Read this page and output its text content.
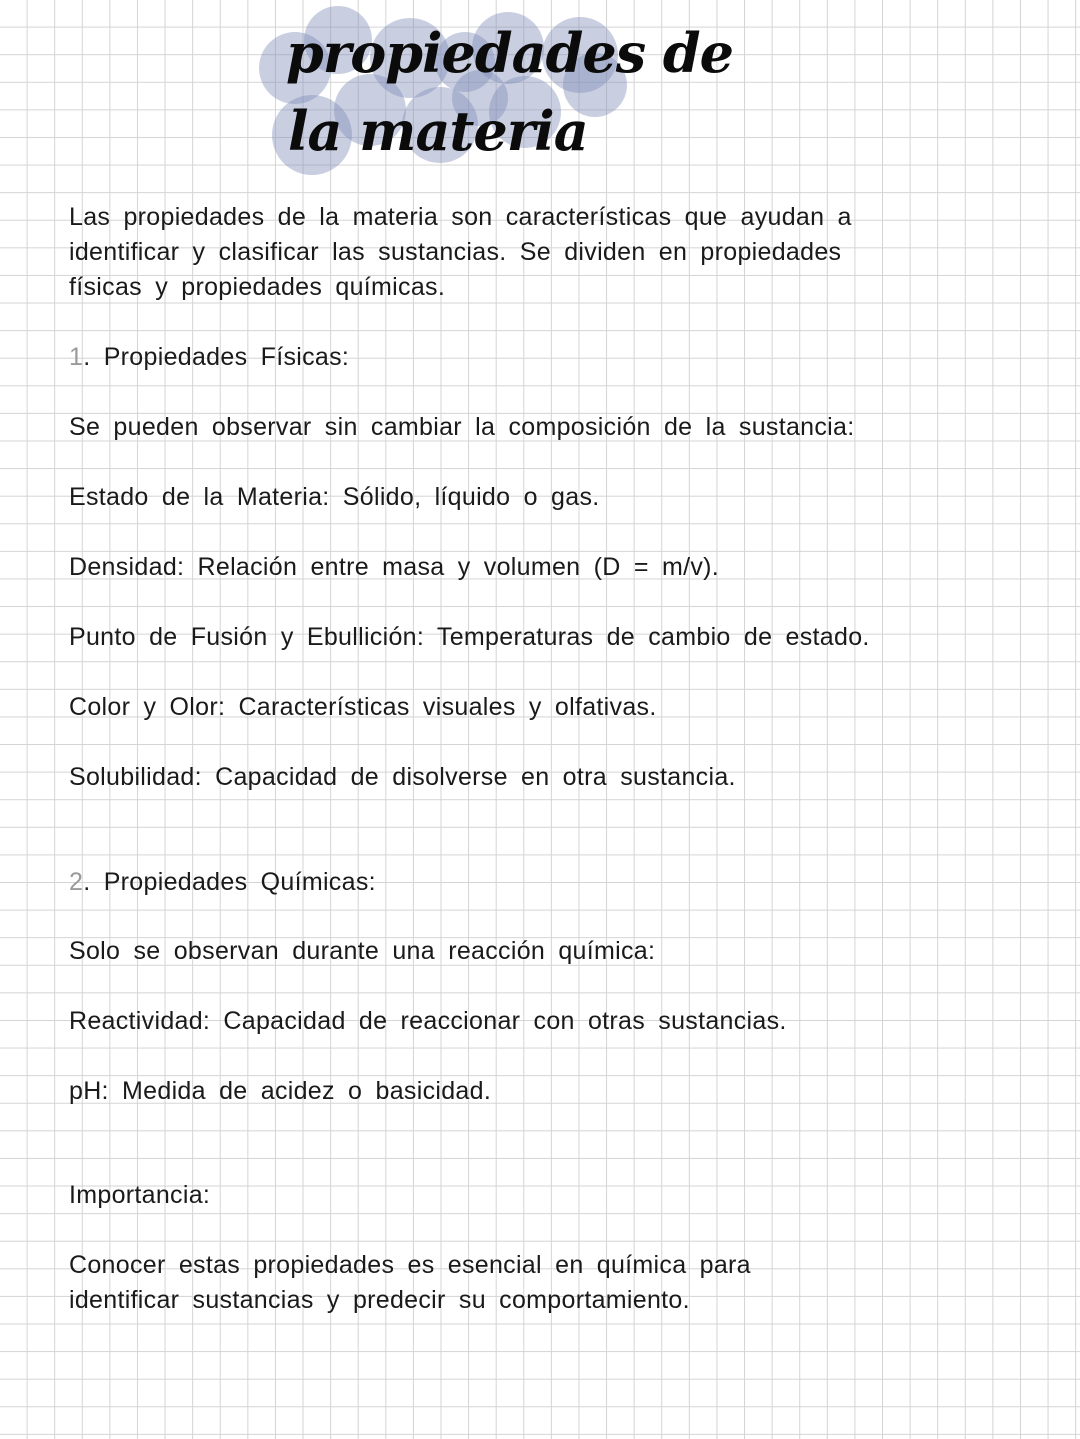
propiedades de
la materia

Las propiedades de la materia son características que ayudan a

identificar y clasificar las sustancias. Se dividen en propiedades

físicas y propiedades químicas.

1. Propiedades Físicas:

Se pueden observar sin cambiar la composición de la sustancia:
Estado de la Materia: Sólido, líquido o gas.
Densidad: Relación entre masa y volumen (D = m/v).
Punto de Fusión y Ebullición: Temperaturas de cambio de estado.
Color y Olor: Características visuales y olfativas.
Solubilidad: Capacidad de disolverse en otra sustancia.

2. Propiedades Químicas:

Solo se observan durante una reacción química:
Reactividad: Capacidad de reaccionar con otras sustancias.
pH: Medida de acidez o basicidad.
Importancia:

Conocer estas propiedades es esencial en química para

identificar sustancias y predecir su comportamiento.
